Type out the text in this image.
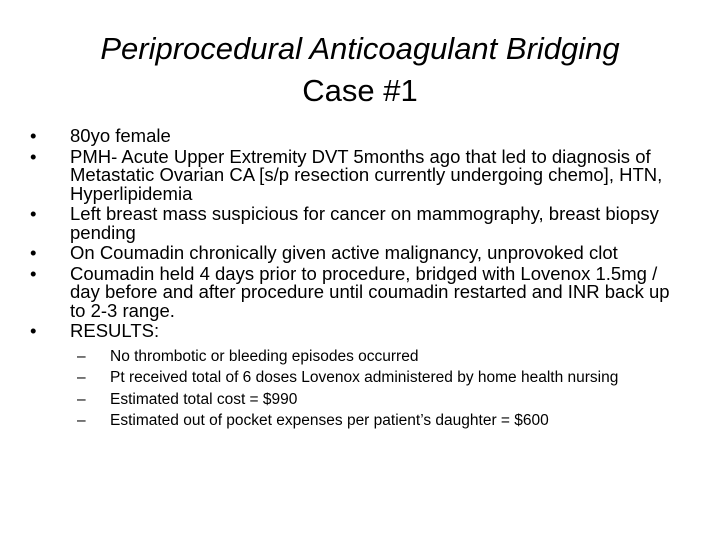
Periprocedural Anticoagulant Bridging
Case #1
•	80yo female
•	PMH- Acute Upper Extremity DVT 5months ago that led to diagnosis of Metastatic Ovarian CA [s/p resection currently undergoing chemo], HTN, Hyperlipidemia
•	Left breast mass suspicious for cancer on mammography, breast biopsy pending
•	On Coumadin chronically given active malignancy, unprovoked clot
•	Coumadin held 4 days prior to procedure, bridged with Lovenox 1.5mg / day before and after procedure until coumadin restarted and INR back up to 2-3 range.
•	RESULTS:
– No thrombotic or bleeding episodes occurred
– Pt received total of 6 doses Lovenox administered by home health nursing
– Estimated total cost = $990
– Estimated out of pocket expenses per patient’s daughter = $600
